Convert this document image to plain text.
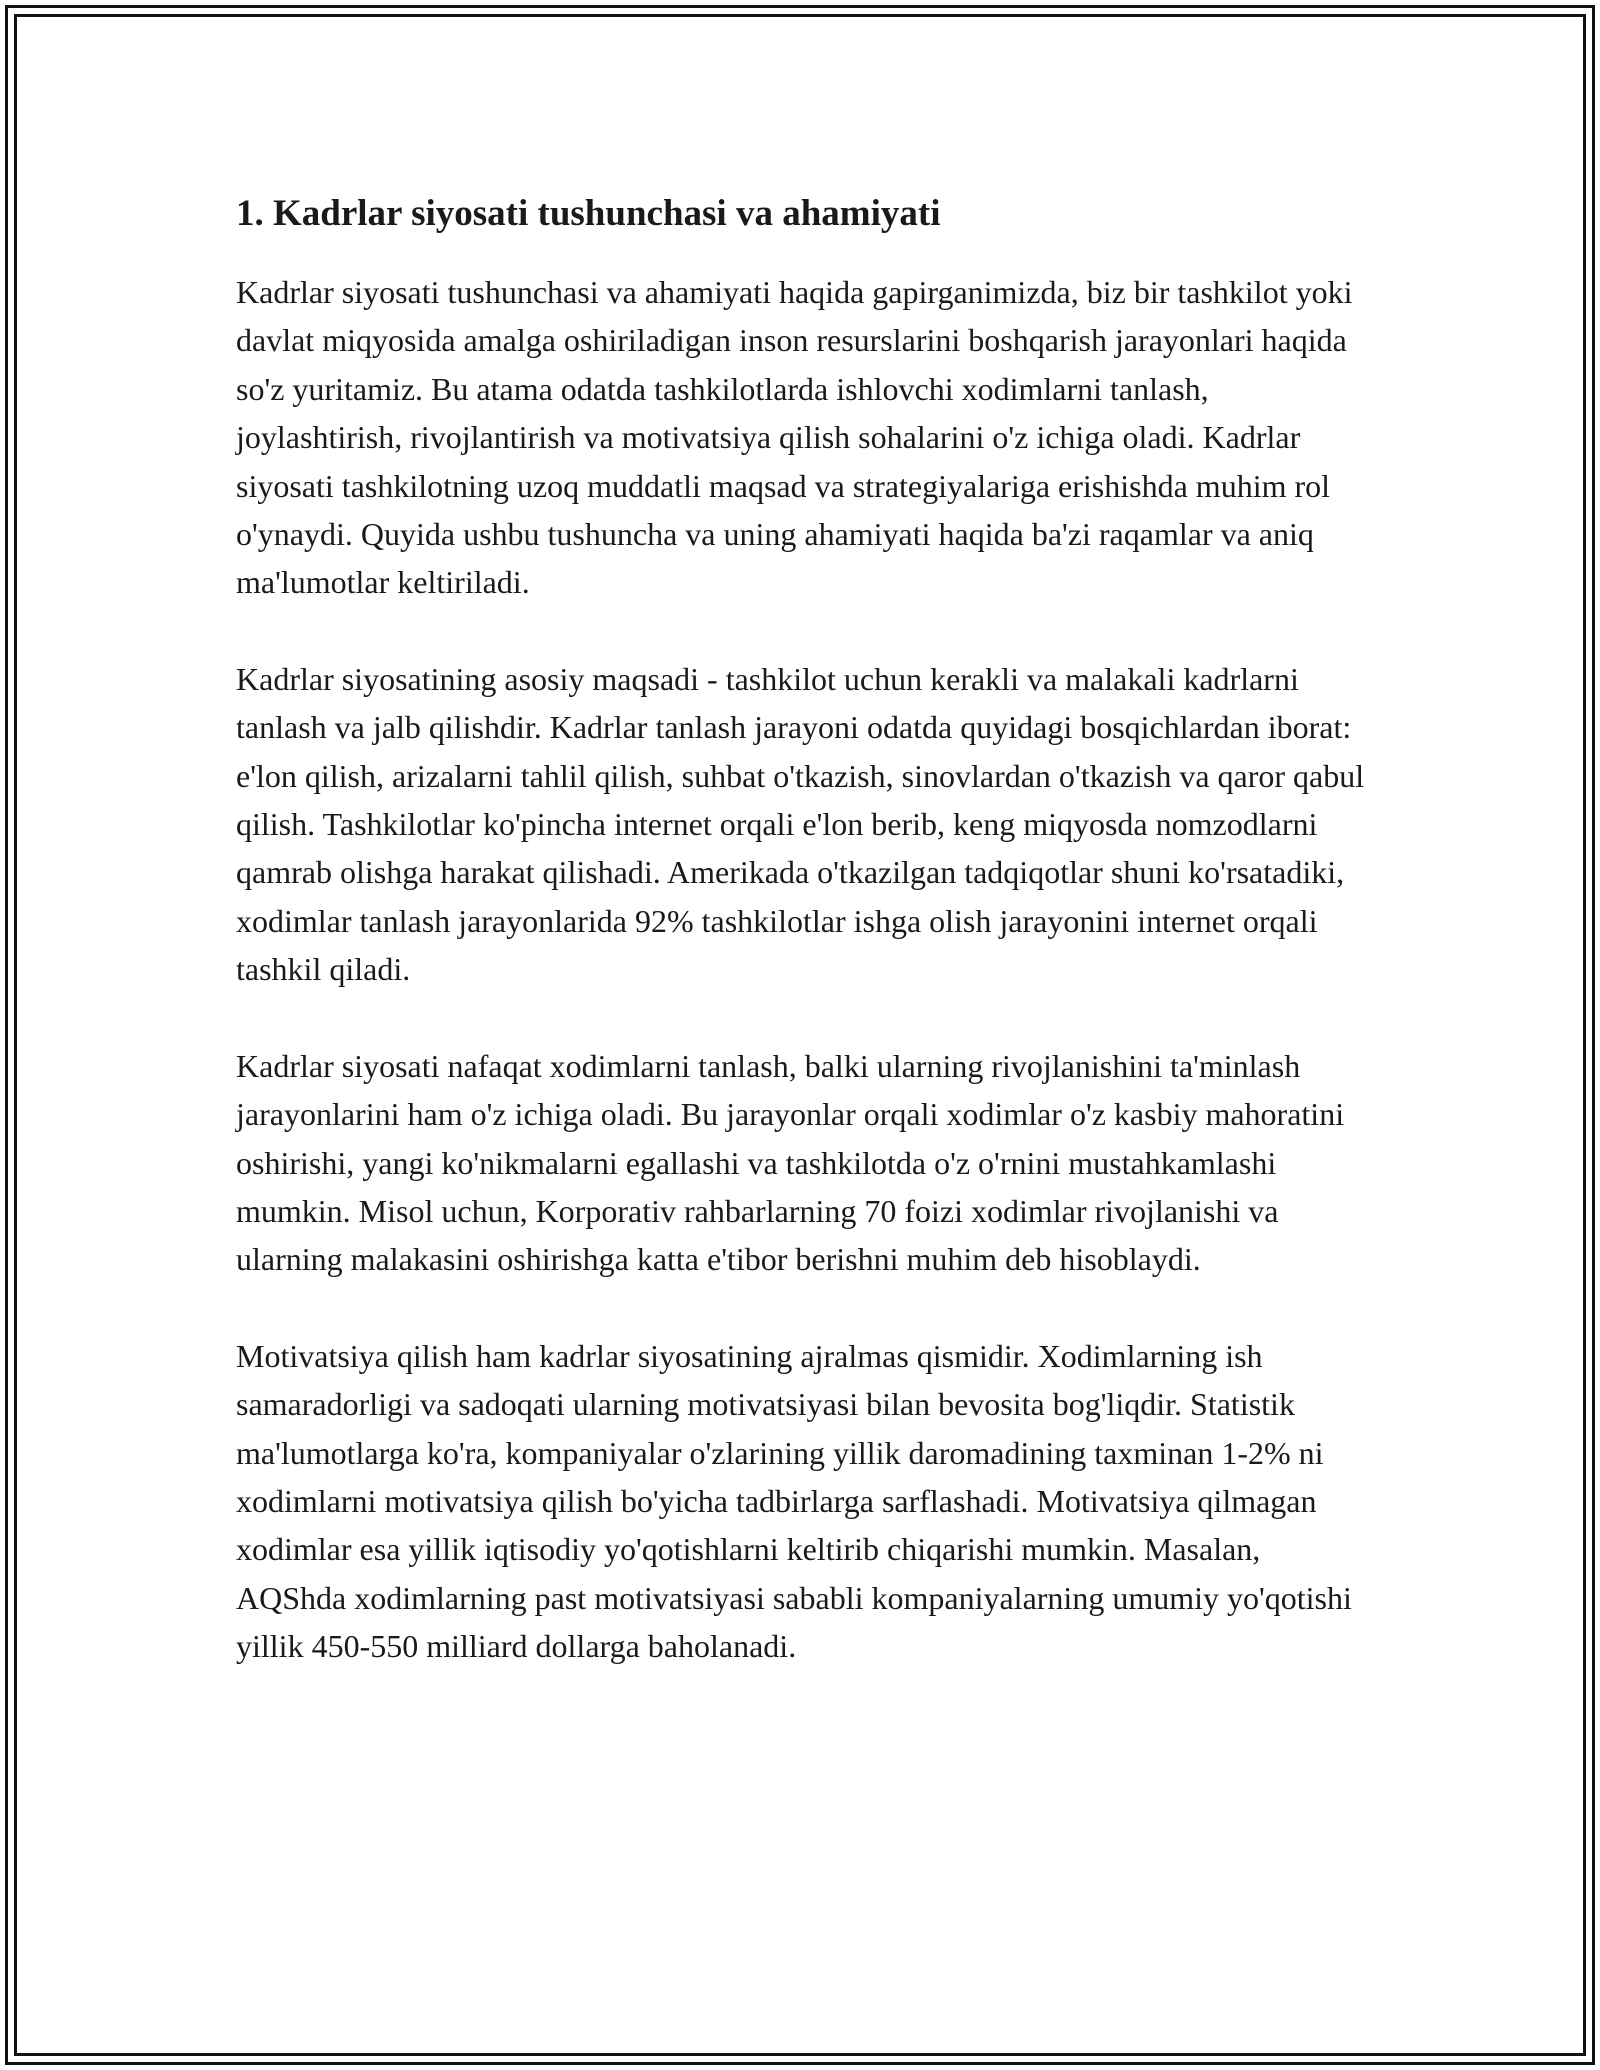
1. Kadrlar siyosati tushunchasi va ahamiyati

Kadrlar siyosati tushunchasi va ahamiyati haqida gapirganimizda, biz bir tashkilot yoki davlat miqyosida amalga oshiriladigan inson resurslarini boshqarish jarayonlari haqida so'z yuritamiz. Bu atama odatda tashkilotlarda ishlovchi xodimlarni tanlash, joylashtirish, rivojlantirish va motivatsiya qilish sohalarini o'z ichiga oladi. Kadrlar siyosati tashkilotning uzoq muddatli maqsad va strategiyalariga erishishda muhim rol o'ynaydi. Quyida ushbu tushuncha va uning ahamiyati haqida ba'zi raqamlar va aniq ma'lumotlar keltiriladi.

Kadrlar siyosatining asosiy maqsadi - tashkilot uchun kerakli va malakali kadrlarni tanlash va jalb qilishdir. Kadrlar tanlash jarayoni odatda quyidagi bosqichlardan iborat: e'lon qilish, arizalarni tahlil qilish, suhbat o'tkazish, sinovlardan o'tkazish va qaror qabul qilish. Tashkilotlar ko'pincha internet orqali e'lon berib, keng miqyosda nomzodlarni qamrab olishga harakat qilishadi. Amerikada o'tkazilgan tadqiqotlar shuni ko'rsatadiki, xodimlar tanlash jarayonlarida 92% tashkilotlar ishga olish jarayonini internet orqali tashkil qiladi.

Kadrlar siyosati nafaqat xodimlarni tanlash, balki ularning rivojlanishini ta'minlash jarayonlarini ham o'z ichiga oladi. Bu jarayonlar orqali xodimlar o'z kasbiy mahoratini oshirishi, yangi ko'nikmalarni egallashi va tashkilotda o'z o'rnini mustahkamlashi mumkin. Misol uchun, Korporativ rahbarlarning 70 foizi xodimlar rivojlanishi va ularning malakasini oshirishga katta e'tibor berishni muhim deb hisoblaydi.

Motivatsiya qilish ham kadrlar siyosatining ajralmas qismidir. Xodimlarning ish samaradorligi va sadoqati ularning motivatsiyasi bilan bevosita bog'liqdir. Statistik ma'lumotlarga ko'ra, kompaniyalar o'zlarining yillik daromadining taxminan 1-2% ni xodimlarni motivatsiya qilish bo'yicha tadbirlarga sarflashadi. Motivatsiya qilmagan xodimlar esa yillik iqtisodiy yo'qotishlarni keltirib chiqarishi mumkin. Masalan, AQShda xodimlarning past motivatsiyasi sababli kompaniyalarning umumiy yo'qotishi yillik 450-550 milliard dollarga baholanadi.
